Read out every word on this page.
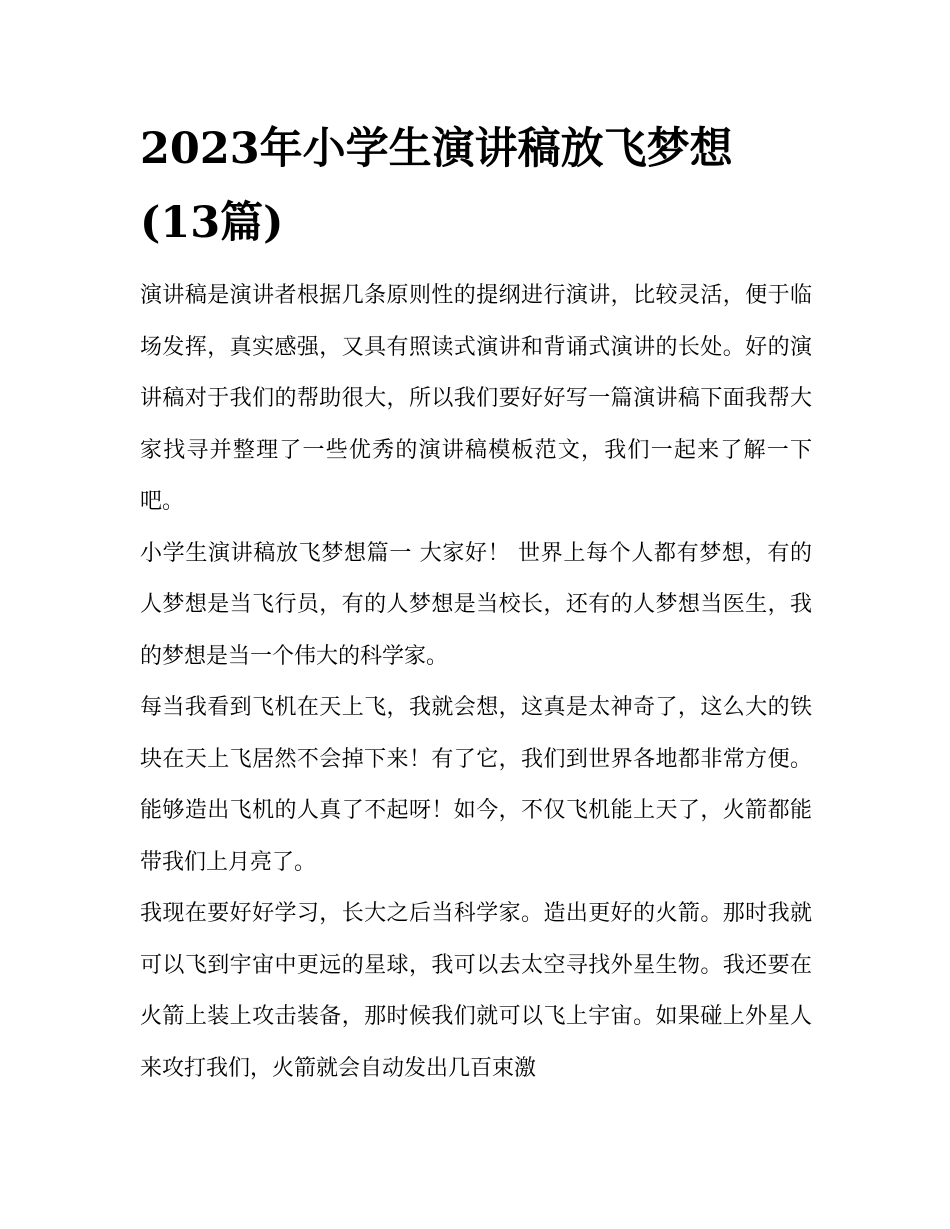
2023年小学生演讲稿放飞梦想(13篇)

演讲稿是演讲者根据几条原则性的提纲进行演讲，比较灵活，便于临场发挥，真实感强，又具有照读式演讲和背诵式演讲的长处。好的演讲稿对于我们的帮助很大，所以我们要好好写一篇演讲稿下面我帮大家找寻并整理了一些优秀的演讲稿模板范文，我们一起来了解一下吧。

小学生演讲稿放飞梦想篇一 大家好！ 世界上每个人都有梦想，有的人梦想是当飞行员，有的人梦想是当校长，还有的人梦想当医生，我的梦想是当一个伟大的科学家。

每当我看到飞机在天上飞，我就会想，这真是太神奇了，这么大的铁块在天上飞居然不会掉下来！有了它，我们到世界各地都非常方便。能够造出飞机的人真了不起呀！如今，不仅飞机能上天了，火箭都能带我们上月亮了。

我现在要好好学习，长大之后当科学家。造出更好的火箭。那时我就可以飞到宇宙中更远的星球，我可以去太空寻找外星生物。我还要在火箭上装上攻击装备，那时候我们就可以飞上宇宙。如果碰上外星人来攻打我们，火箭就会自动发出几百束激
